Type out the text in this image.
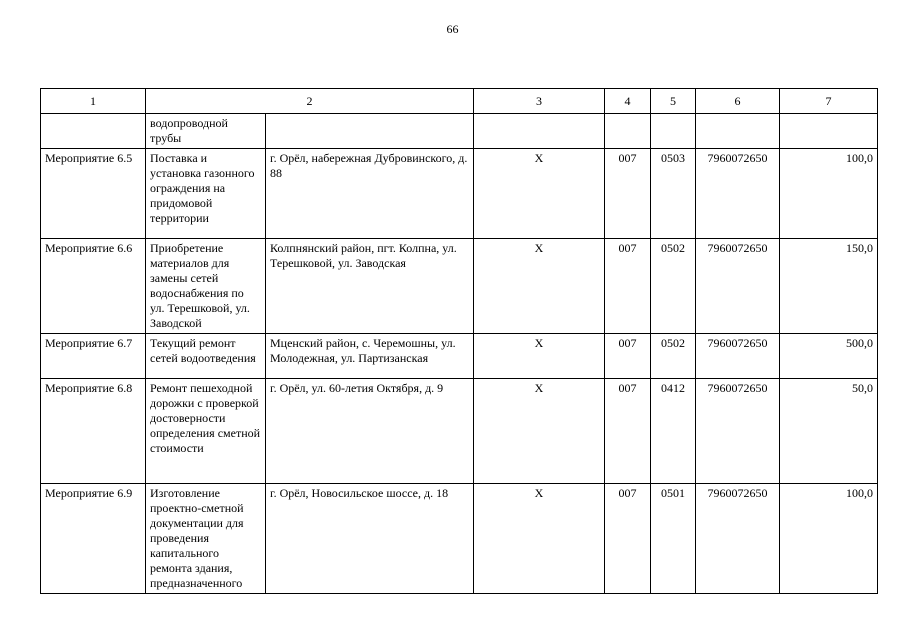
66
1	2		3	4	5	6	7
	водопроводной трубы						
Мероприятие 6.5	Поставка и установка газонного ограждения на придомовой территории	г. Орёл, набережная Дубровинского, д. 88	X	007	0503	7960072650	100,0
Мероприятие 6.6	Приобретение материалов для замены сетей водоснабжения по ул. Терешковой, ул. Заводской	Колпнянский район, пгт. Колпна, ул. Терешковой, ул. Заводская	X	007	0502	7960072650	150,0
Мероприятие 6.7	Текущий ремонт сетей водоотведения	Мценский район, с. Черемошны, ул. Молодежная, ул. Партизанская	X	007	0502	7960072650	500,0
Мероприятие 6.8	Ремонт пешеходной дорожки с проверкой достоверности определения сметной стоимости	г. Орёл, ул. 60-летия Октября, д. 9	X	007	0412	7960072650	50,0
Мероприятие 6.9	Изготовление проектно-сметной документации для проведения капитального ремонта здания, предназначенного	г. Орёл, Новосильское шоссе, д. 18	X	007	0501	7960072650	100,0
